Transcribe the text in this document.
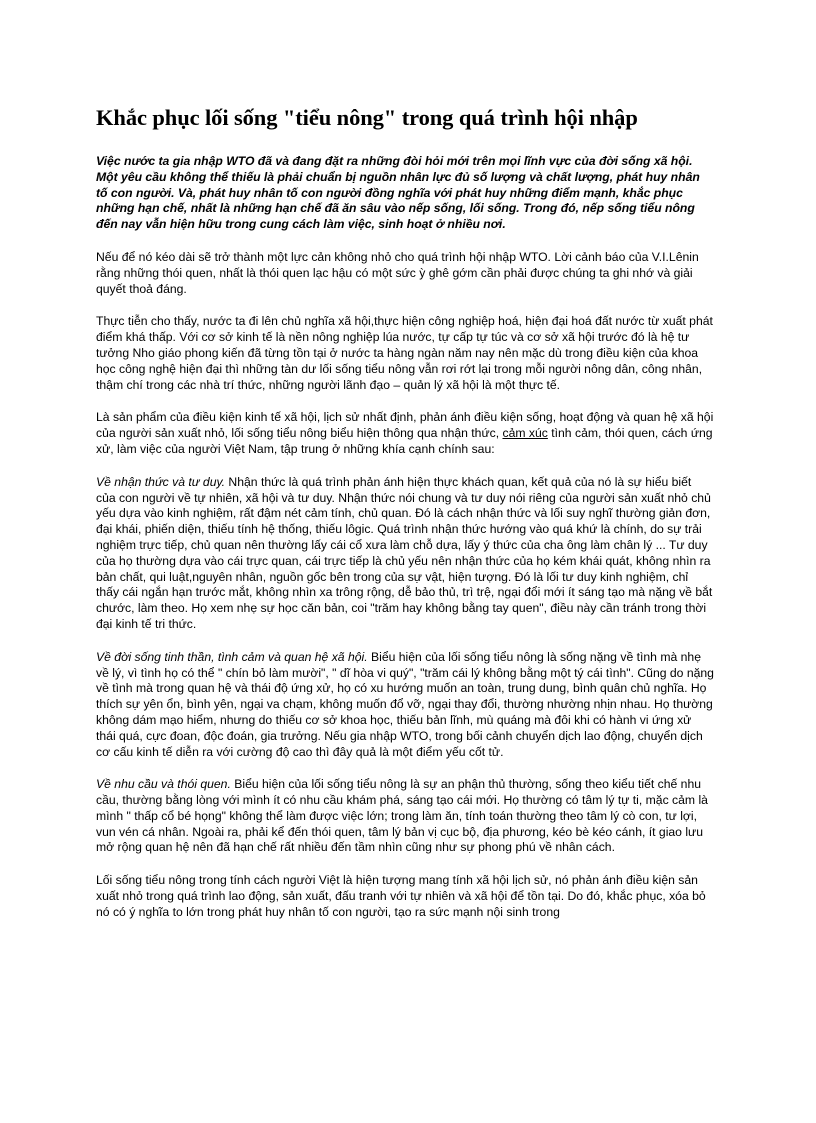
Khắc phục lối sống "tiểu nông" trong quá trình hội nhập

Việc nước ta gia nhập WTO đã và đang đặt ra những đòi hỏi mới trên mọi lĩnh vực của đời sống xã hội. Một yêu cầu không thể thiếu là phải chuẩn bị nguồn nhân lực đủ số lượng và chất lượng, phát huy nhân tố con người. Và, phát huy nhân tố con người đồng nghĩa với phát huy những điểm mạnh, khắc phục những hạn chế, nhất là những hạn chế đã ăn sâu vào nếp sống, lối sống. Trong đó, nếp sống tiểu nông đến nay vẫn hiện hữu trong cung cách làm việc, sinh hoạt ở nhiều nơi.

Nếu để nó kéo dài sẽ trở thành một lực cản không nhỏ cho quá trình hội nhập WTO. Lời cảnh báo của V.I.Lênin rằng những thói quen, nhất là thói quen lạc hậu có một sức ỳ ghê gớm cần phải được chúng ta ghi nhớ và giải quyết thoả đáng.

Thực tiễn cho thấy, nước ta đi lên chủ nghĩa xã hội,thực hiện công nghiệp hoá, hiện đại hoá đất nước từ xuất phát điểm khá thấp. Với cơ sở kinh tế là nền nông nghiệp lúa nước, tự cấp tự túc và cơ sở xã hội trước đó là hệ tư tưởng Nho giáo phong kiến đã từng tồn tại ở nước ta hàng ngàn năm nay nên mặc dù trong điều kiện của khoa học công nghệ hiện đại thì những tàn dư lối sống tiểu nông vẫn rơi rớt lại trong mỗi người nông dân, công nhân, thậm chí trong các nhà trí thức, những người lãnh đạo – quản lý xã hội là một thực tế.

Là sản phẩm của điều kiện kinh tế xã hội, lịch sử nhất định, phản ánh điều kiện sống, hoạt động và quan hệ xã hội của người sản xuất nhỏ, lối sống tiểu nông biểu hiện thông qua nhận thức, cảm xúc tình cảm, thói quen, cách ứng xử, làm việc của người Việt Nam, tập trung ở những khía cạnh chính sau:

Về nhận thức và tư duy. Nhận thức là quá trình phản ánh hiện thực khách quan, kết quả của nó là sự hiểu biết của con người về tự nhiên, xã hội và tư duy. Nhận thức nói chung và tư duy nói riêng của người sản xuất nhỏ chủ yếu dựa vào kinh nghiệm, rất đậm nét cảm tính, chủ quan. Đó là cách nhận thức và lối suy nghĩ thường giản đơn, đại khái, phiến diện, thiếu tính hệ thống, thiếu lôgic. Quá trình nhận thức hướng vào quá khứ là chính, do sự trải nghiệm trực tiếp, chủ quan nên thường lấy cái cổ xưa làm chỗ dựa, lấy ý thức của cha ông làm chân lý ... Tư duy của họ thường dựa vào cái trực quan, cái trực tiếp là chủ yếu nên nhận thức của họ kém khái quát, không nhìn ra bản chất, qui luật,nguyên nhân, nguồn gốc bên trong của sự vật, hiện tượng. Đó là lối tư duy kinh nghiệm, chỉ thấy cái ngắn hạn trước mắt, không nhìn xa trông rộng, dễ bảo thủ, trì trệ, ngại đổi mới ít sáng tạo mà nặng về bắt chước, làm theo. Họ xem nhẹ sự học căn bản, coi "trăm hay không bằng tay quen", điều này cần tránh trong thời đại kinh tế tri thức.

Về đời sống tinh thần, tình cảm và quan hệ xã hội. Biểu hiện của lối sống tiểu nông là sống nặng về tình mà nhẹ về lý, vì tình họ có thể " chín bỏ làm mười", " dĩ hòa vi quý", "trăm cái lý không bằng một tý cái tình". Cũng do nặng về tình mà trong quan hệ và thái độ ứng xử, họ có xu hướng muốn an toàn, trung dung, bình quân chủ nghĩa. Họ thích sự yên ổn, bình yên, ngại va chạm, không muốn đổ vỡ, ngại thay đổi, thường nhường nhịn nhau. Họ thường không dám mạo hiểm, nhưng do thiếu cơ sở khoa học, thiếu bản lĩnh, mù quáng mà đôi khi có hành vi ứng xử thái quá, cực đoan, độc đoán, gia trưởng. Nếu gia nhập WTO, trong bối cảnh chuyển dịch lao động, chuyển dịch cơ cấu kinh tế diễn ra với cường độ cao thì đây quả là một điểm yếu cốt tử.

Về nhu cầu và thói quen. Biểu hiện của lối sống tiểu nông là sự an phận thủ thường, sống theo kiểu tiết chế nhu cầu, thường bằng lòng với mình ít có nhu cầu khám phá, sáng tạo cái mới. Họ thường có tâm lý tự ti, mặc cảm là mình " thấp cổ bé họng" không thể làm được việc lớn; trong làm ăn, tính toán thường theo tâm lý cò con, tư lợi, vun vén cá nhân. Ngoài ra, phải kể đến thói quen, tâm lý bản vị cục bộ, địa phương, kéo bè kéo cánh, ít giao lưu mở rộng quan hệ nên đã hạn chế rất nhiều đến tầm nhìn cũng như sự phong phú về nhân cách.

Lối sống tiểu nông trong tính cách người Việt là hiện tượng mang tính xã hội lịch sử, nó phản ánh điều kiện sản xuất nhỏ trong quá trình lao động, sản xuất, đấu tranh với tự nhiên và xã hội để tồn tại. Do đó, khắc phục, xóa bỏ nó có ý nghĩa to lớn trong phát huy nhân tố con người, tạo ra sức mạnh nội sinh trong
